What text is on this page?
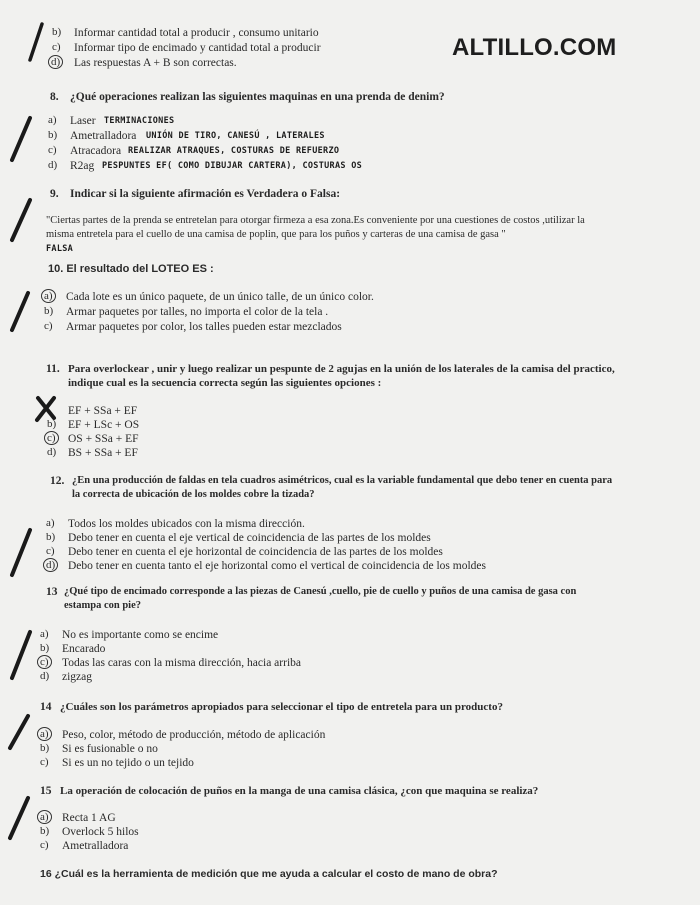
ALTILLO.COM
b) Informar cantidad total a producir , consumo unitario
c) Informar tipo de encimado y cantidad total a producir
d) Las respuestas A + B son correctas.
8. ¿Qué operaciones realizan las siguientes maquinas en una prenda de denim?
a) Laser TERMINACIONES
b) Ametralladora UNIÓN DE TIRO, CANESÚ , LATERALES
c) Atracadora REALIZAR ATRAQUES, COSTURAS DE REFUERZO
d) R2ag PESPUNTES EF( COMO DIBUJAR CARTERA), COSTURAS OS
9. Indicar si la siguiente afirmación es Verdadera o Falsa:
"Ciertas partes de la prenda se entretelan para otorgar firmeza a esa zona.Es conveniente por una cuestiones de costos ,utilizar la
misma entretela para el cuello de una camisa de poplin, que para los puños y carteras de una camisa de gasa "
FALSA
10. El resultado del LOTEO ES :
a) Cada lote es un único paquete, de un único talle, de un único color.
b) Armar paquetes por talles, no importa el color de la tela .
c) Armar paquetes por color, los talles pueden estar mezclados
11. Para overlockear , unir y luego realizar un pespunte de 2 agujas en la unión de los laterales de la camisa del practico,
indique cual es la secuencia correcta según las siguientes opciones :
EF + SSa + EF
b) EF + LSc + OS
c) OS + SSa + EF
d) BS + SSa + EF
12. ¿En una producción de faldas en tela cuadros asimétricos, cual es la variable fundamental que debo tener en cuenta para
la correcta de ubicación de los moldes cobre la tizada?
a) Todos los moldes ubicados con la misma dirección.
b) Debo tener en cuenta el eje vertical de coincidencia de las partes de los moldes
c) Debo tener en cuenta el eje horizontal de coincidencia de las partes de los moldes
d) Debo tener en cuenta tanto el eje horizontal como el vertical de coincidencia de los moldes
13 ¿Qué tipo de encimado corresponde a las piezas de Canesú ,cuello, pie de cuello y puños de una camisa de gasa con
estampa con pie?
a) No es importante como se encime
b) Encarado
c) Todas las caras con la misma dirección, hacia arriba
d) zigzag
14 ¿Cuáles son los parámetros apropiados para seleccionar el tipo de entretela para un producto?
a) Peso, color, método de producción, método de aplicación
b) Si es fusionable o no
c) Si es un no tejido o un tejido
15 La operación de colocación de puños en la manga de una camisa clásica, ¿con que maquina se realiza?
a) Recta 1 AG
b) Overlock 5 hilos
c) Ametralladora
16 ¿Cuál es la herramienta de medición que me ayuda a calcular el costo de mano de obra?
